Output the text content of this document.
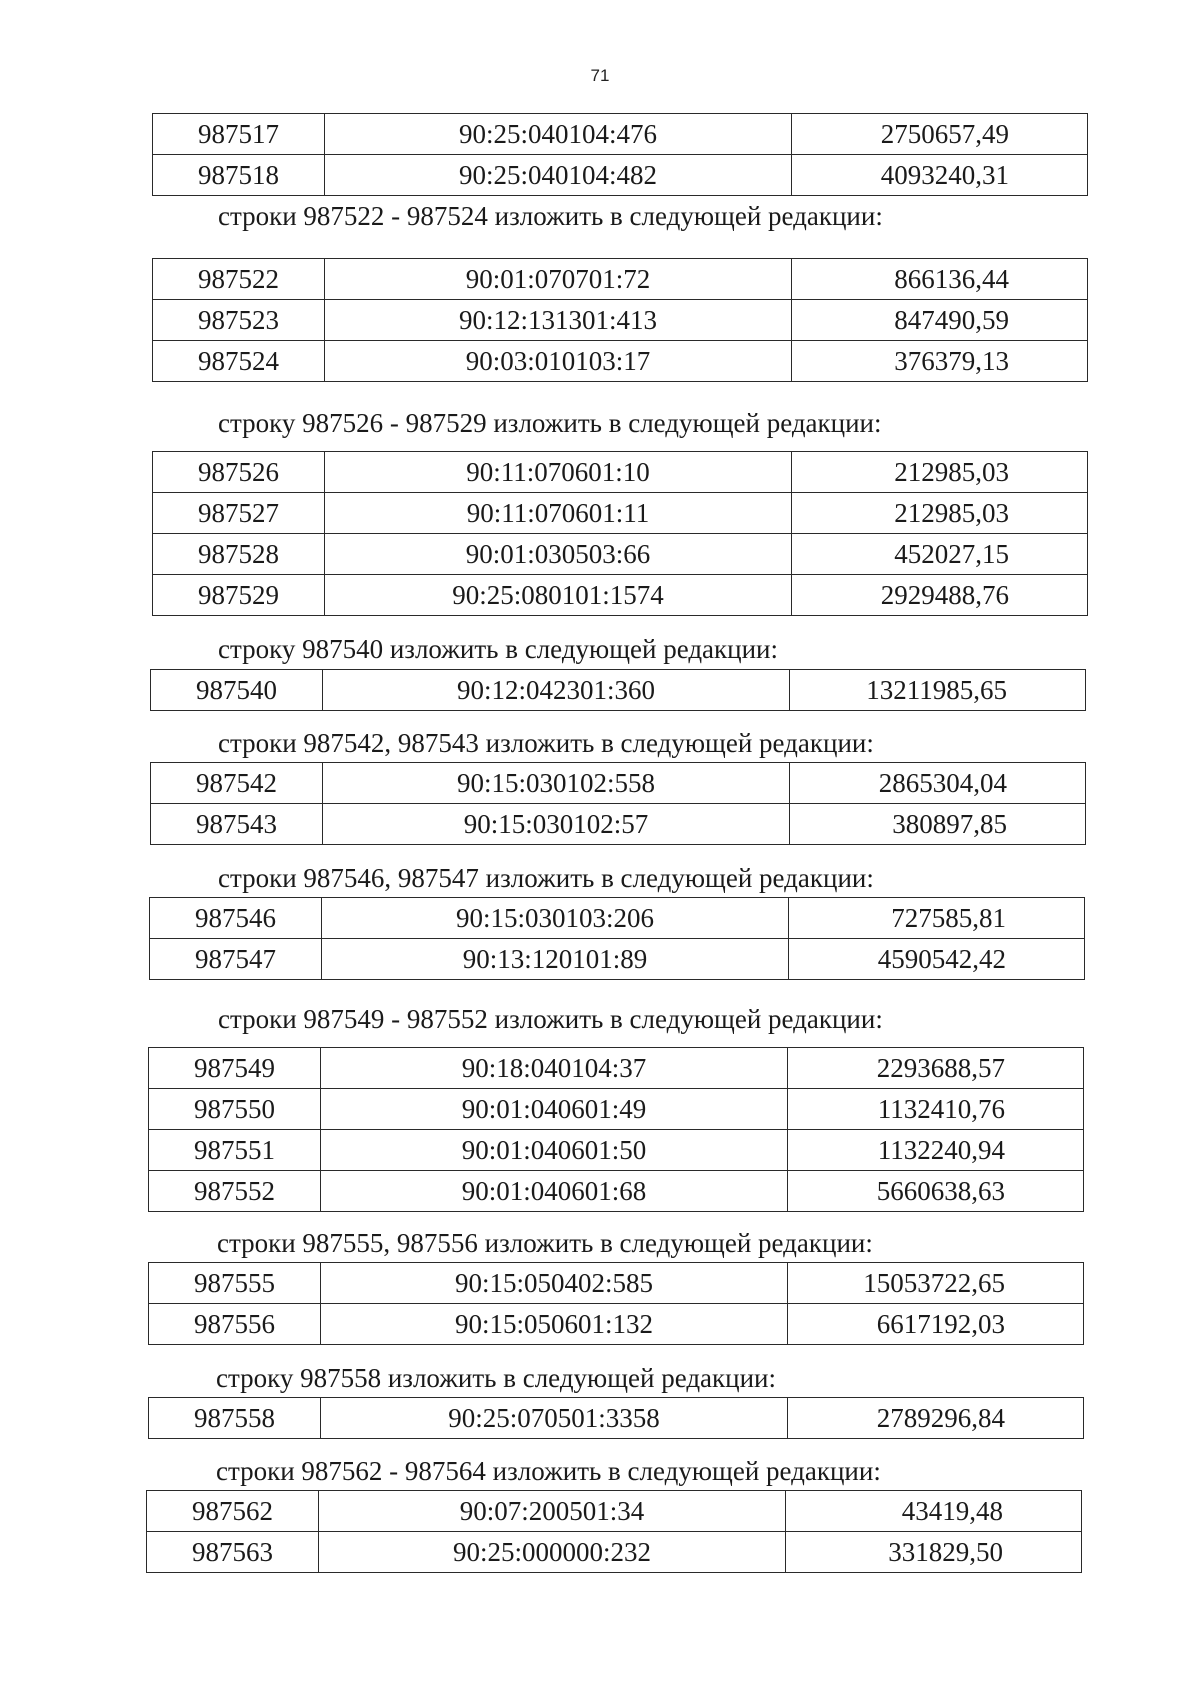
71
987517	90:25:040104:476	2750657,49
987518	90:25:040104:482	4093240,31
строки 987522 - 987524 изложить в следующей редакции:
987522	90:01:070701:72	866136,44
987523	90:12:131301:413	847490,59
987524	90:03:010103:17	376379,13
строку 987526 - 987529 изложить в следующей редакции:
987526	90:11:070601:10	212985,03
987527	90:11:070601:11	212985,03
987528	90:01:030503:66	452027,15
987529	90:25:080101:1574	2929488,76
строку 987540 изложить в следующей редакции:
987540	90:12:042301:360	13211985,65
строки 987542, 987543 изложить в следующей редакции:
987542	90:15:030102:558	2865304,04
987543	90:15:030102:57	380897,85
строки 987546, 987547 изложить в следующей редакции:
987546	90:15:030103:206	727585,81
987547	90:13:120101:89	4590542,42
строки 987549 - 987552 изложить в следующей редакции:
987549	90:18:040104:37	2293688,57
987550	90:01:040601:49	1132410,76
987551	90:01:040601:50	1132240,94
987552	90:01:040601:68	5660638,63
строки 987555, 987556 изложить в следующей редакции:
987555	90:15:050402:585	15053722,65
987556	90:15:050601:132	6617192,03
строку 987558 изложить в следующей редакции:
987558	90:25:070501:3358	2789296,84
строки 987562 - 987564 изложить в следующей редакции:
987562	90:07:200501:34	43419,48
987563	90:25:000000:232	331829,50
